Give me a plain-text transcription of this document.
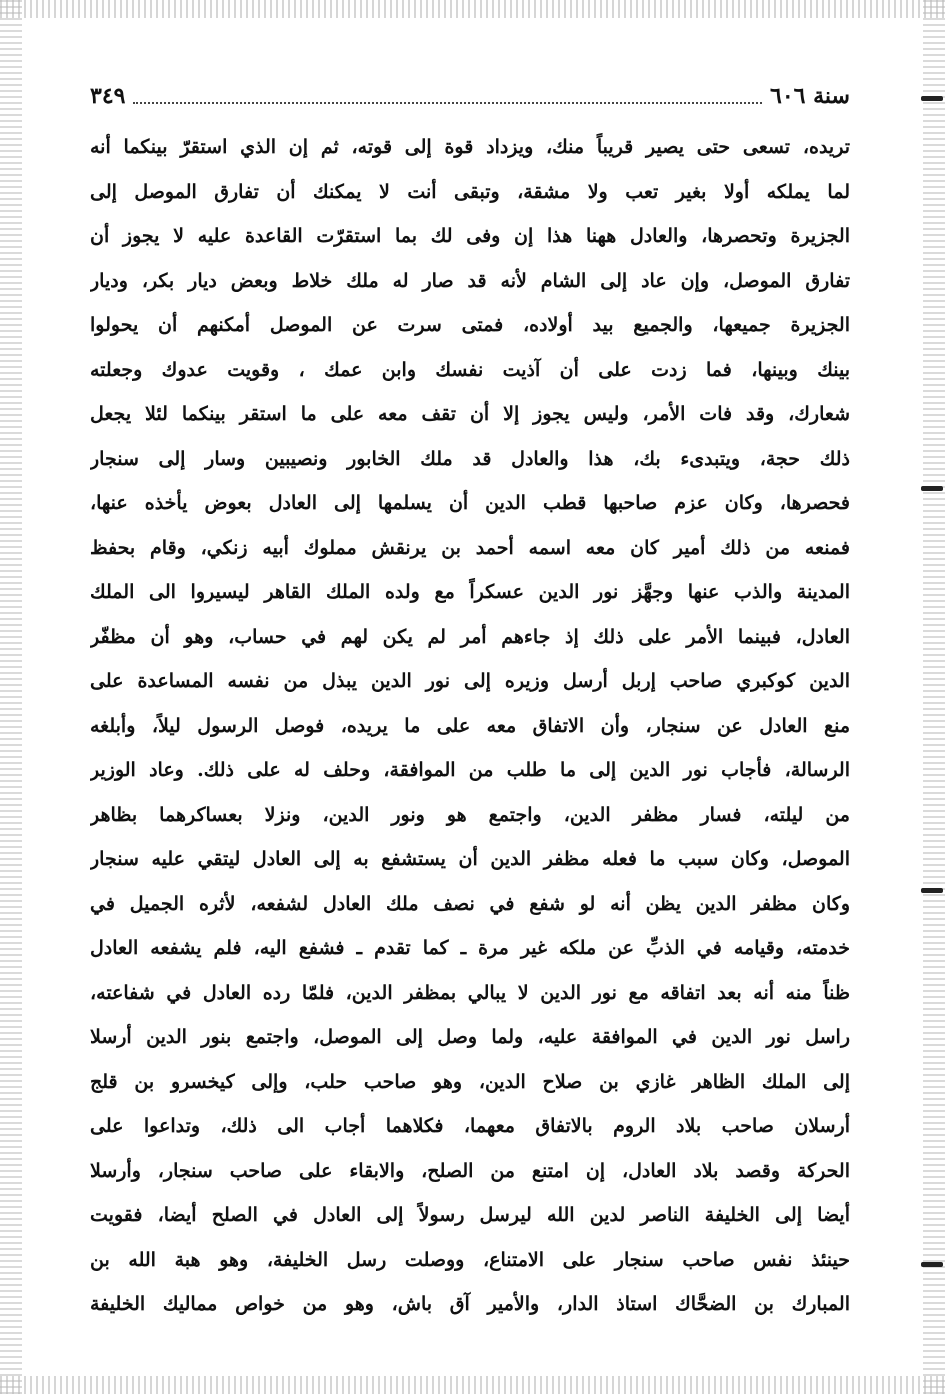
سنة ٦٠٦
٣٤٩
تريده، تسعى حتى يصير قريباً منك، ويزداد قوة إلى قوته، ثم إن الذي استقرّ بينكما أنه
لما يملكه أولا بغير تعب ولا مشقة، وتبقى أنت لا يمكنك أن تفارق الموصل إلى
الجزيرة وتحصرها، والعادل ههنا هذا إن وفى لك بما استقرّت القاعدة عليه لا يجوز أن
تفارق الموصل، وإن عاد إلى الشام لأنه قد صار له ملك خلاط وبعض ديار بكر، وديار
الجزيرة جميعها، والجميع بيد أولاده، فمتى سرت عن الموصل أمكنهم أن يحولوا
بينك وبينها، فما زدت على أن آذيت نفسك وابن عمك ، وقويت عدوك وجعلته
شعارك، وقد فات الأمر، وليس يجوز إلا أن تقف معه على ما استقر بينكما لئلا يجعل
ذلك حجة، ويتبدىء بك، هذا والعادل قد ملك الخابور ونصيبين وسار إلى سنجار
فحصرها، وكان عزم صاحبها قطب الدين أن يسلمها إلى العادل بعوض يأخذه عنها،
فمنعه من ذلك أمير كان معه اسمه أحمد بن يرنقش مملوك أبيه زنكي، وقام بحفظ
المدينة والذب عنها وجهَّز نور الدين عسكراً مع ولده الملك القاهر ليسيروا الى الملك
العادل، فبينما الأمر على ذلك إذ جاءهم أمر لم يكن لهم في حساب، وهو أن مظفّر
الدين كوكبري صاحب إربل أرسل وزيره إلى نور الدين يبذل من نفسه المساعدة على
منع العادل عن سنجار، وأن الاتفاق معه على ما يريده، فوصل الرسول ليلاً، وأبلغه
الرسالة، فأجاب نور الدين إلى ما طلب من الموافقة، وحلف له على ذلك. وعاد الوزير
من ليلته، فسار مظفر الدين، واجتمع هو ونور الدين، ونزلا بعساكرهما بظاهر
الموصل، وكان سبب ما فعله مظفر الدين أن يستشفع به إلى العادل ليتقي عليه سنجار
وكان مظفر الدين يظن أنه لو شفع في نصف ملك العادل لشفعه، لأثره الجميل في
خدمته، وقيامه في الذبِّ عن ملكه غير مرة ـ كما تقدم ـ فشفع اليه، فلم يشفعه العادل
ظناً منه أنه بعد اتفاقه مع نور الدين لا يبالي بمظفر الدين، فلمّا رده العادل في شفاعته،
راسل نور الدين في الموافقة عليه، ولما وصل إلى الموصل، واجتمع بنور الدين أرسلا
إلى الملك الظاهر غازي بن صلاح الدين، وهو صاحب حلب، وإلى كيخسرو بن قلج
أرسلان صاحب بلاد الروم بالاتفاق معهما، فكلاهما أجاب الى ذلك، وتداعوا على
الحركة وقصد بلاد العادل، إن امتنع من الصلح، والابقاء على صاحب سنجار، وأرسلا
أيضا إلى الخليفة الناصر لدين الله ليرسل رسولاً إلى العادل في الصلح أيضا، فقويت
حينئذ نفس صاحب سنجار على الامتناع، ووصلت رسل الخليفة، وهو هبة الله بن
المبارك بن الضحَّاك استاذ الدار، والأمير آق باش، وهو من خواص مماليك الخليفة
